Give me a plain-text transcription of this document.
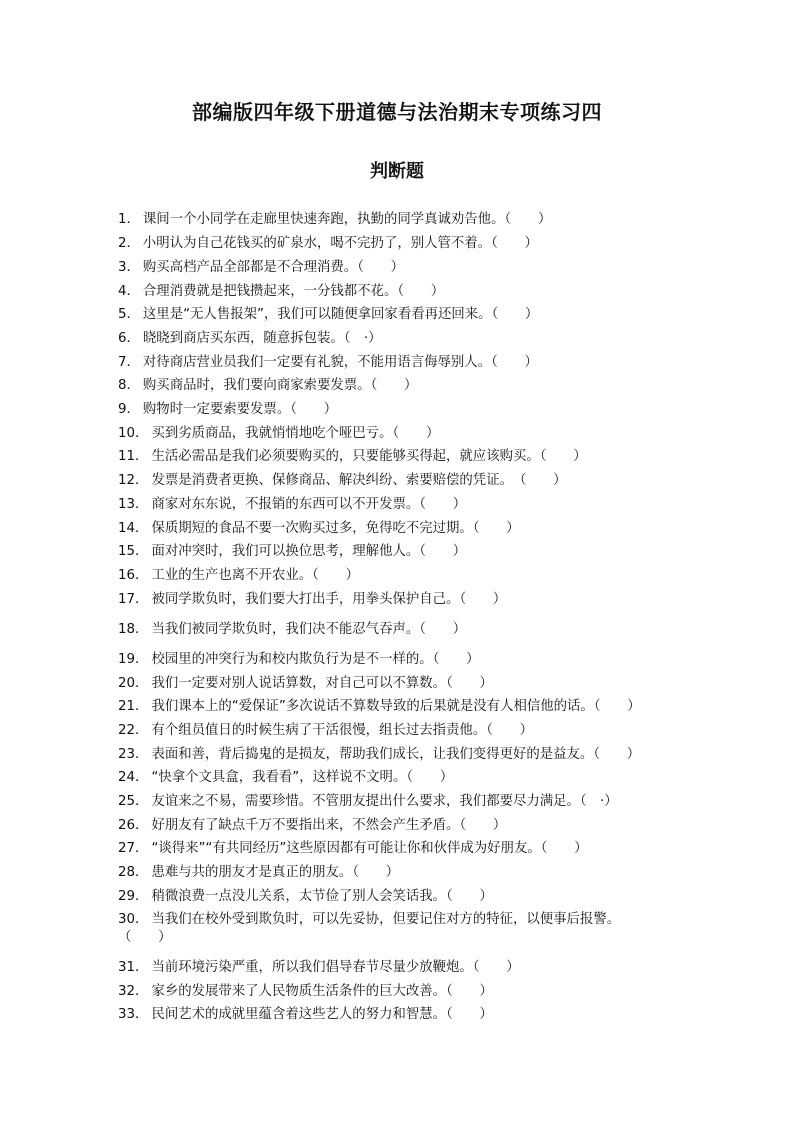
部编版四年级下册道德与法治期末专项练习四
判断题
1． 课间一个小同学在走廊里快速奔跑，执勤的同学真诚劝告他。（　　）
2． 小明认为自己花钱买的矿泉水，喝不完扔了，别人管不着。（　　）
3． 购买高档产品全部都是不合理消费。（　　）
4． 合理消费就是把钱攒起来，一分钱都不花。（　　）
5． 这里是“无人售报架”，我们可以随便拿回家看看再还回来。（　　）
6． 晓晓到商店买东西，随意拆包装。（　·）
7． 对待商店营业员我们一定要有礼貌，不能用语言侮辱别人。（　　）
8． 购买商品时，我们要向商家索要发票。（　　）
9． 购物时一定要索要发票。（　　）
10． 买到劣质商品，我就悄悄地吃个哑巴亏。（　　）
11． 生活必需品是我们必须要购买的，只要能够买得起，就应该购买。（　　）
12． 发票是消费者更换、保修商品、解决纠纷、索要赔偿的凭证。　（　　）
13． 商家对东东说，不报销的东西可以不开发票。（　　）
14． 保质期短的食品不要一次购买过多，免得吃不完过期。（　　）
15． 面对冲突时，我们可以换位思考，理解他人。（　　）
16． 工业的生产也离不开农业。（　　）
17． 被同学欺负时，我们要大打出手，用拳头保护自己。（　　）
18． 当我们被同学欺负时，我们决不能忍气吞声。（　　）
19． 校园里的冲突行为和校内欺负行为是不一样的。（　　）
20． 我们一定要对别人说话算数，对自己可以不算数。（　　）
21． 我们课本上的“爱保证”多次说话不算数导致的后果就是没有人相信他的话。（　　）
22． 有个组员值日的时候生病了干活很慢，组长过去指责他。（　　）
23． 表面和善，背后捣鬼的是损友，帮助我们成长，让我们变得更好的是益友。（　　）
24． “快拿个文具盒，我看看”，这样说不文明。（　　）
25． 友谊来之不易，需要珍惜。不管朋友提出什么要求，我们都要尽力满足。（　·）
26． 好朋友有了缺点千万不要指出来，不然会产生矛盾。（　　）
27． “谈得来”“有共同经历”这些原因都有可能让你和伙伴成为好朋友。（　　）
28． 患难与共的朋友才是真正的朋友。（　　）
29． 稍微浪费一点没儿关系，太节俭了别人会笑话我。（　　）
30． 当我们在校外受到欺负时，可以先妥协，但要记住对方的特征，以便事后报警。（　　）
31． 当前环境污染严重，所以我们倡导春节尽量少放鞭炮。（　　）
32． 家乡的发展带来了人民物质生活条件的巨大改善。（　　）
33． 民间艺术的成就里蕴含着这些艺人的努力和智慧。（　　）
